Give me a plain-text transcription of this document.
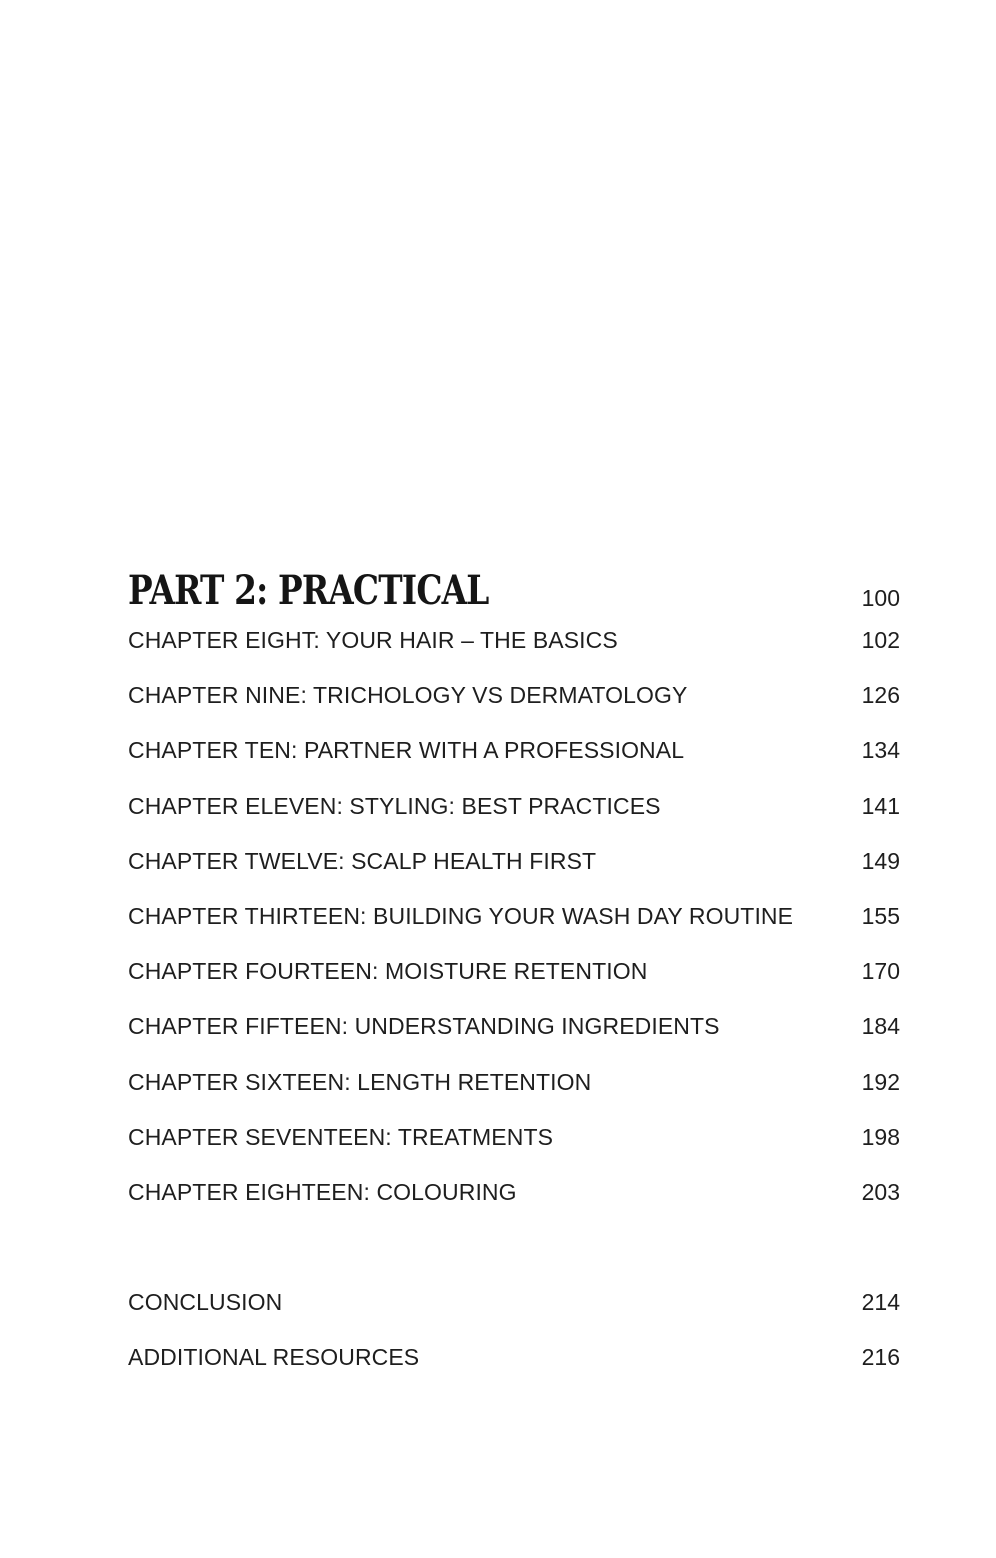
PART 2: PRACTICAL	100
CHAPTER EIGHT: YOUR HAIR – THE BASICS	102
CHAPTER NINE: TRICHOLOGY VS DERMATOLOGY	126
CHAPTER TEN: PARTNER WITH A PROFESSIONAL	134
CHAPTER ELEVEN: STYLING: BEST PRACTICES	141
CHAPTER TWELVE: SCALP HEALTH FIRST	149
CHAPTER THIRTEEN: BUILDING YOUR WASH DAY ROUTINE	155
CHAPTER FOURTEEN: MOISTURE RETENTION	170
CHAPTER FIFTEEN: UNDERSTANDING INGREDIENTS	184
CHAPTER SIXTEEN: LENGTH RETENTION	192
CHAPTER SEVENTEEN: TREATMENTS	198
CHAPTER EIGHTEEN: COLOURING	203
CONCLUSION	214
ADDITIONAL RESOURCES	216
